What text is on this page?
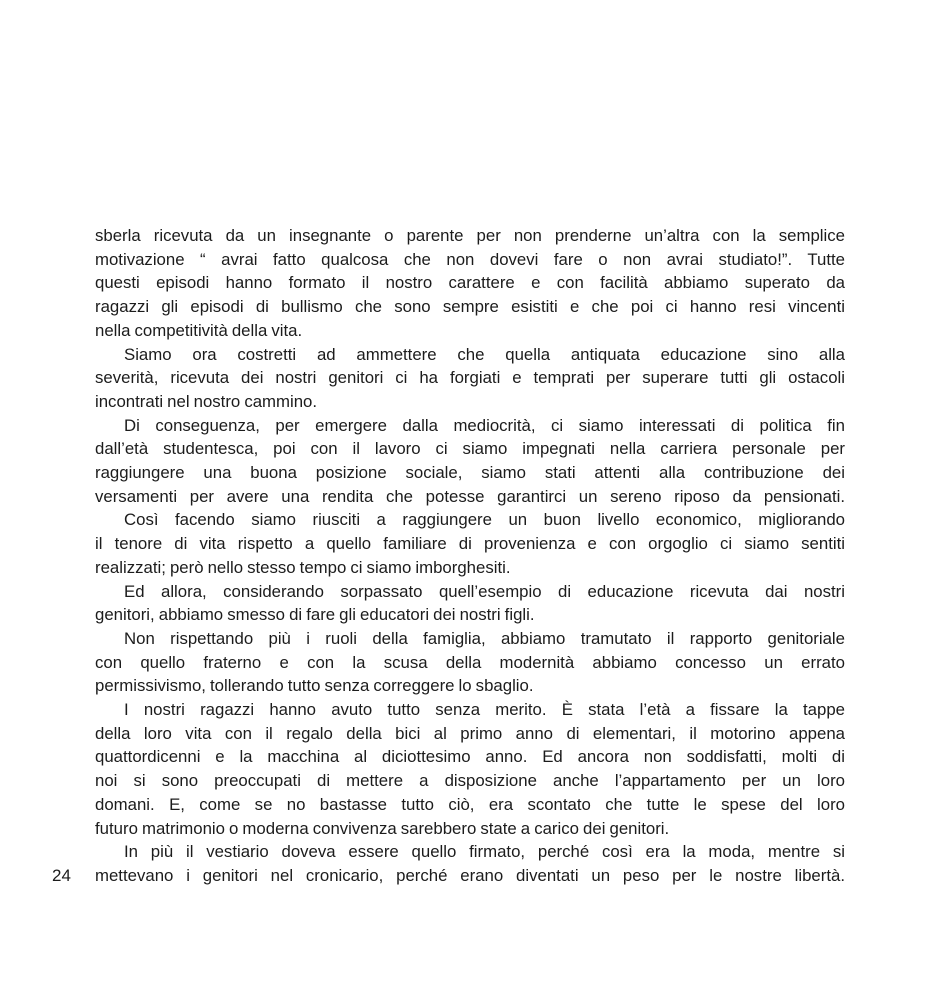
sberla ricevuta da un insegnante o parente per non prenderne un’altra con la semplice
motivazione “ avrai fatto qualcosa che non dovevi fare o non avrai studiato!”. Tutte
questi episodi hanno formato il nostro carattere e con facilità abbiamo superato da
ragazzi gli episodi di bullismo che sono sempre esistiti e che poi ci hanno resi vincenti
nella competitività della vita.
Siamo ora costretti ad ammettere che quella antiquata educazione sino alla
severità, ricevuta dei nostri genitori ci ha forgiati e temprati per superare tutti gli ostacoli
incontrati nel nostro cammino.
Di conseguenza, per emergere dalla mediocrità, ci siamo interessati di politica fin
dall’età studentesca, poi con il lavoro ci siamo impegnati nella carriera personale per
raggiungere una buona posizione sociale, siamo stati attenti alla contribuzione dei
versamenti per avere una rendita che potesse garantirci un sereno riposo da pensionati.
Così facendo siamo riusciti a raggiungere un buon livello economico, migliorando
il tenore di vita rispetto a quello familiare di provenienza e con orgoglio ci siamo sentiti
realizzati; però nello stesso tempo ci siamo imborghesiti.
Ed allora, considerando sorpassato quell’esempio di educazione ricevuta dai nostri
genitori, abbiamo smesso di fare gli educatori dei nostri figli.
Non rispettando più i ruoli della famiglia, abbiamo tramutato il rapporto genitoriale
con quello fraterno e con la scusa della modernità abbiamo concesso un errato
permissivismo, tollerando tutto senza correggere lo sbaglio.
I nostri ragazzi hanno avuto tutto senza merito. È stata l’età a fissare la tappe
della loro vita con il regalo della bici al primo anno di elementari, il motorino appena
quattordicenni e la macchina al diciottesimo anno. Ed ancora non soddisfatti, molti di
noi si sono preoccupati di mettere a disposizione anche l’appartamento per un loro
domani. E, come se no bastasse tutto ciò, era scontato che tutte le spese del loro
futuro matrimonio o moderna convivenza sarebbero state a carico dei genitori.
In più il vestiario doveva essere quello firmato, perché così era la moda, mentre si
mettevano i genitori nel cronicario, perché erano diventati un peso per le nostre libertà.
24
